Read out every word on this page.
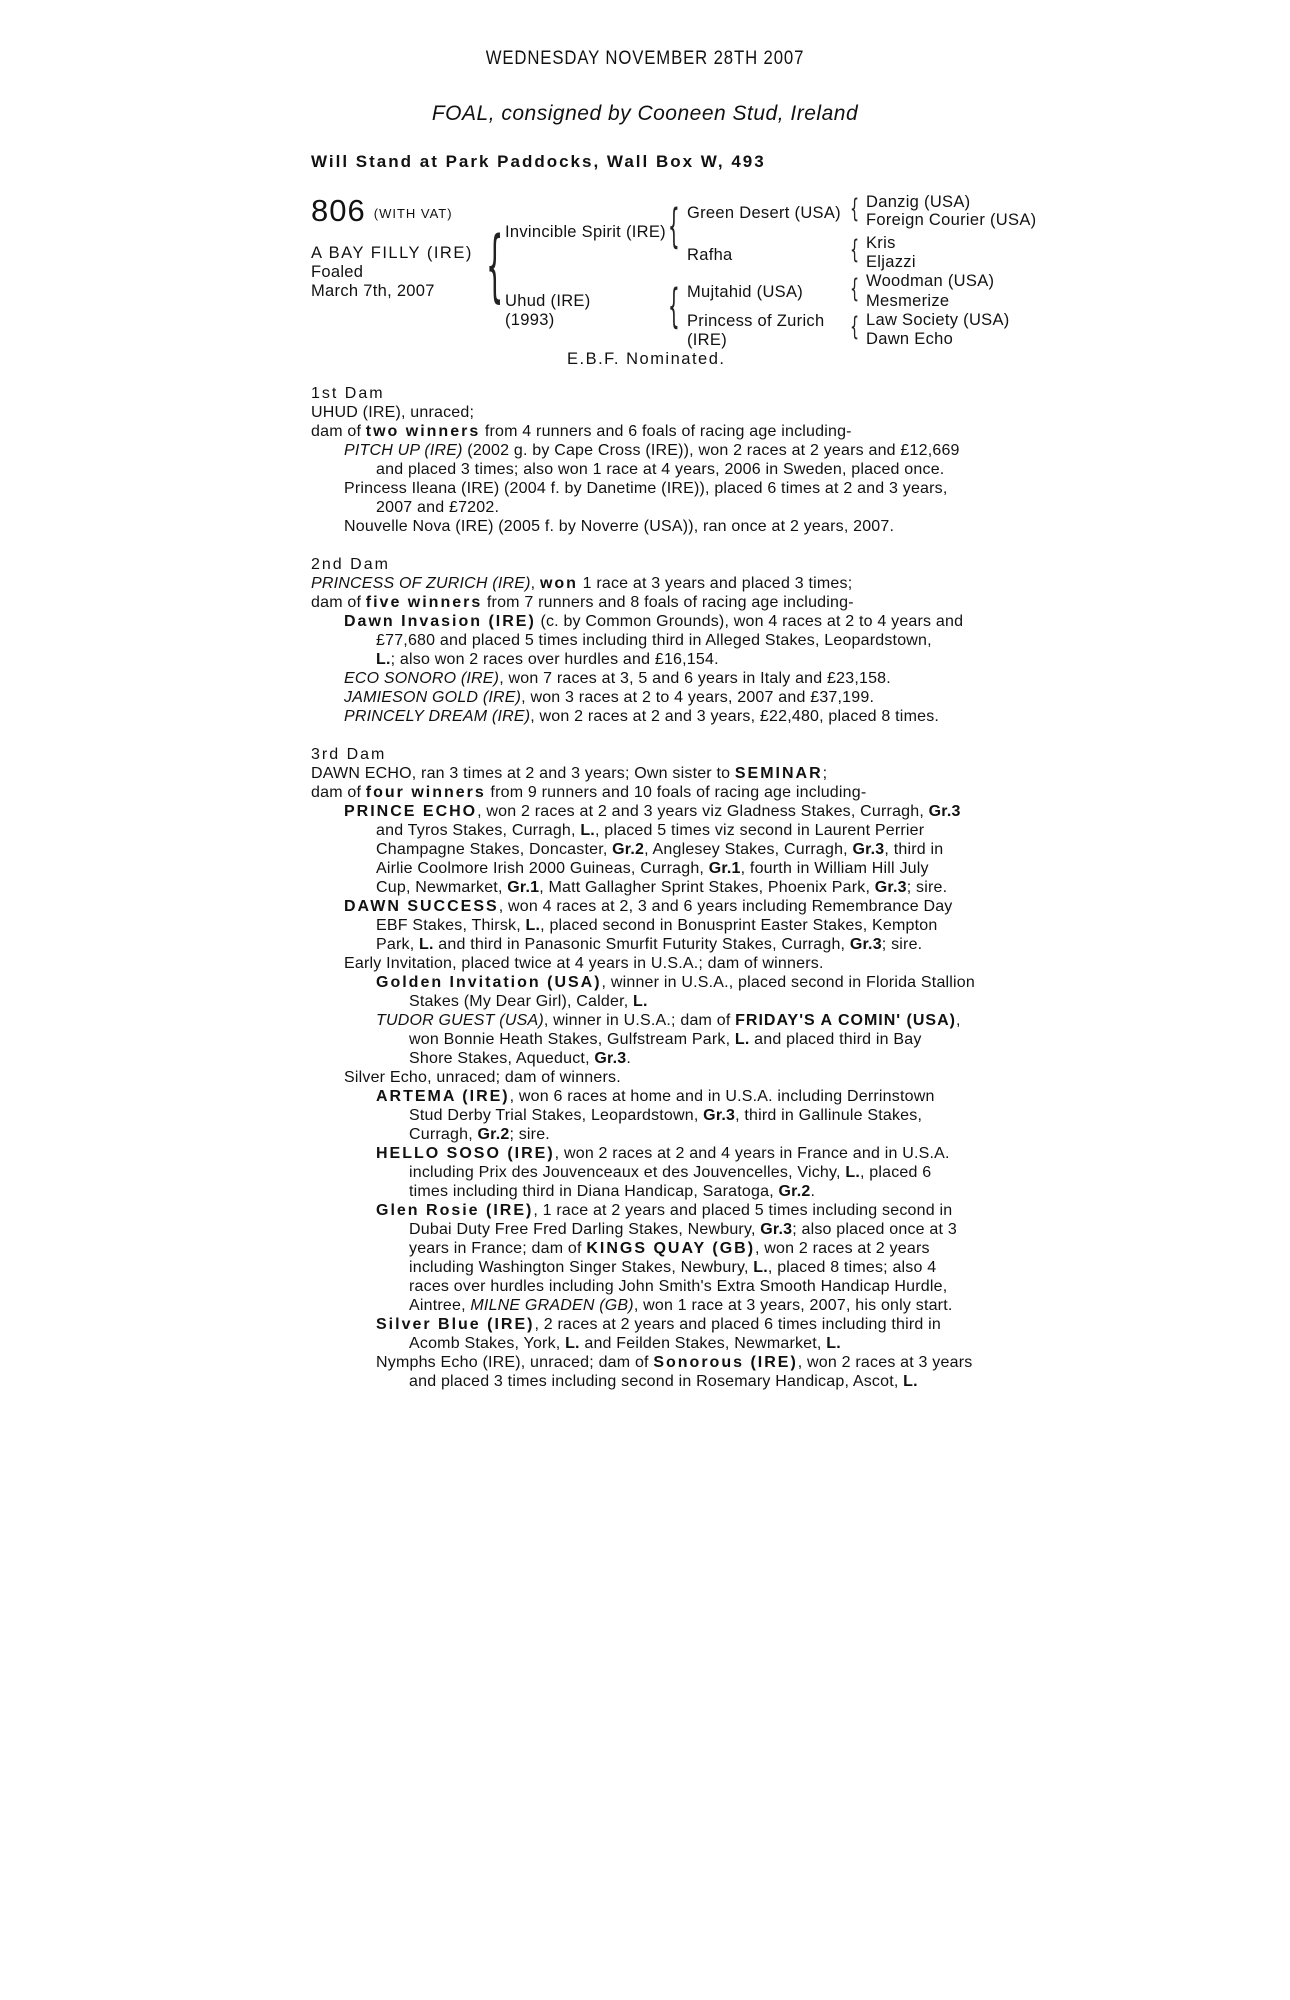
WEDNESDAY NOVEMBER 28TH 2007
FOAL, consigned by Cooneen Stud, Ireland
Will Stand at Park Paddocks, Wall Box W, 493
806 (WITH VAT)
A BAY FILLY (IRE)
Foaled
March 7th, 2007 { Invincible Spirit (IRE)
Uhud (IRE)
(1993)
{
{
Green Desert (USA)
Rafha
Mujtahid (USA)
Princess of Zurich
(IRE)
{
{
{
{
Danzig (USA)
Foreign Courier (USA)
Kris
Eljazzi
Woodman (USA)
Mesmerize
Law Society (USA)
Dawn Echo
E.B.F. Nominated.
1st Dam
UHUD (IRE), unraced;
dam of two winners from 4 runners and 6 foals of racing age including-
PITCH UP (IRE) (2002 g. by Cape Cross (IRE)), won 2 races at 2 years and £12,669
and placed 3 times; also won 1 race at 4 years, 2006 in Sweden, placed once.
Princess Ileana (IRE) (2004 f. by Danetime (IRE)), placed 6 times at 2 and 3 years,
2007 and £7202.
Nouvelle Nova (IRE) (2005 f. by Noverre (USA)), ran once at 2 years, 2007.
2nd Dam
PRINCESS OF ZURICH (IRE), won 1 race at 3 years and placed 3 times;
dam of five winners from 7 runners and 8 foals of racing age including-
Dawn Invasion (IRE) (c. by Common Grounds), won 4 races at 2 to 4 years and
£77,680 and placed 5 times including third in Alleged Stakes, Leopardstown,
L.; also won 2 races over hurdles and £16,154.
ECO SONORO (IRE), won 7 races at 3, 5 and 6 years in Italy and £23,158.
JAMIESON GOLD (IRE), won 3 races at 2 to 4 years, 2007 and £37,199.
PRINCELY DREAM (IRE), won 2 races at 2 and 3 years, £22,480, placed 8 times.
3rd Dam
DAWN ECHO, ran 3 times at 2 and 3 years; Own sister to SEMINAR;
dam of four winners from 9 runners and 10 foals of racing age including-
PRINCE ECHO, won 2 races at 2 and 3 years viz Gladness Stakes, Curragh, Gr.3
and Tyros Stakes, Curragh, L., placed 5 times viz second in Laurent Perrier
Champagne Stakes, Doncaster, Gr.2, Anglesey Stakes, Curragh, Gr.3, third in
Airlie Coolmore Irish 2000 Guineas, Curragh, Gr.1, fourth in William Hill July
Cup, Newmarket, Gr.1, Matt Gallagher Sprint Stakes, Phoenix Park, Gr.3; sire.
DAWN SUCCESS, won 4 races at 2, 3 and 6 years including Remembrance Day
EBF Stakes, Thirsk, L., placed second in Bonusprint Easter Stakes, Kempton
Park, L. and third in Panasonic Smurfit Futurity Stakes, Curragh, Gr.3; sire.
Early Invitation, placed twice at 4 years in U.S.A.; dam of winners.
Golden Invitation (USA), winner in U.S.A., placed second in Florida Stallion
Stakes (My Dear Girl), Calder, L.
TUDOR GUEST (USA), winner in U.S.A.; dam of FRIDAY'S A COMIN' (USA),
won Bonnie Heath Stakes, Gulfstream Park, L. and placed third in Bay
Shore Stakes, Aqueduct, Gr.3.
Silver Echo, unraced; dam of winners.
ARTEMA (IRE), won 6 races at home and in U.S.A. including Derrinstown
Stud Derby Trial Stakes, Leopardstown, Gr.3, third in Gallinule Stakes,
Curragh, Gr.2; sire.
HELLO SOSO (IRE), won 2 races at 2 and 4 years in France and in U.S.A.
including Prix des Jouvenceaux et des Jouvencelles, Vichy, L., placed 6
times including third in Diana Handicap, Saratoga, Gr.2.
Glen Rosie (IRE), 1 race at 2 years and placed 5 times including second in
Dubai Duty Free Fred Darling Stakes, Newbury, Gr.3; also placed once at 3
years in France; dam of KINGS QUAY (GB), won 2 races at 2 years
including Washington Singer Stakes, Newbury, L., placed 8 times; also 4
races over hurdles including John Smith's Extra Smooth Handicap Hurdle,
Aintree, MILNE GRADEN (GB), won 1 race at 3 years, 2007, his only start.
Silver Blue (IRE), 2 races at 2 years and placed 6 times including third in
Acomb Stakes, York, L. and Feilden Stakes, Newmarket, L.
Nymphs Echo (IRE), unraced; dam of Sonorous (IRE), won 2 races at 3 years
and placed 3 times including second in Rosemary Handicap, Ascot, L.
